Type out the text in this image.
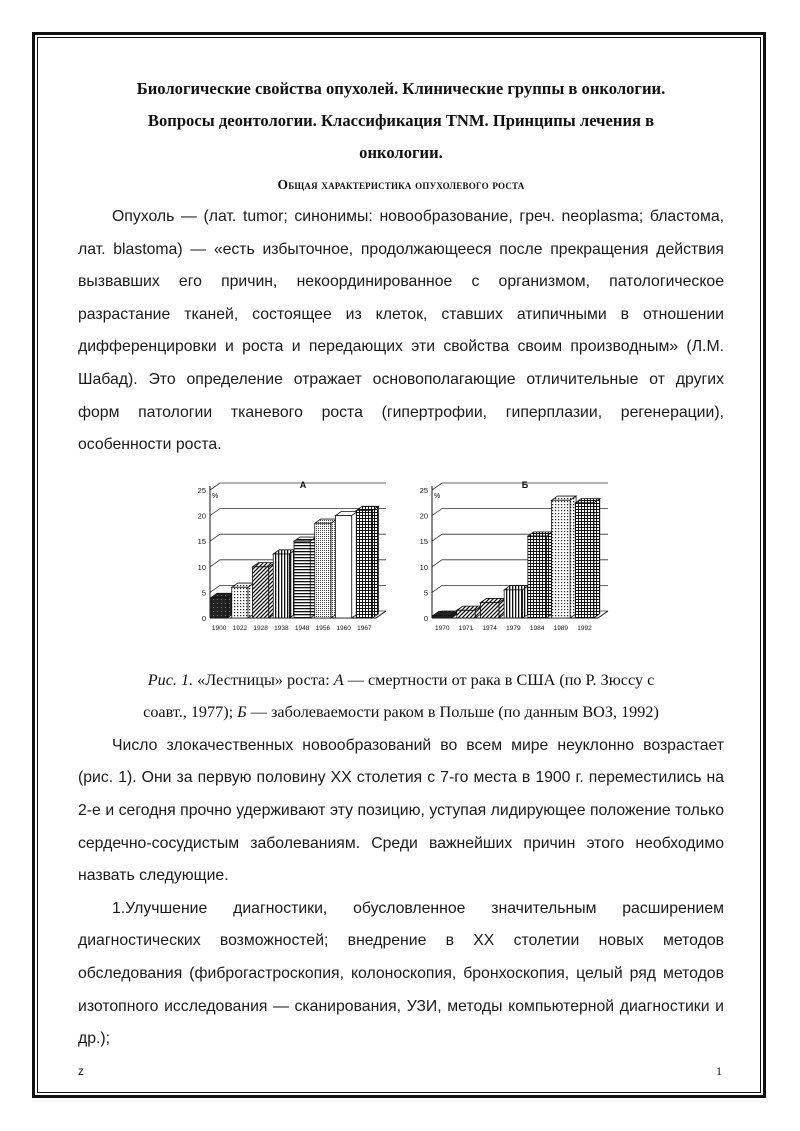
Биологические свойства опухолей. Клинические группы в онкологии.

Вопросы деонтологии. Классификация TNM. Принципы лечения в

онкологии.

Общая характеристика опухолевого роста

Опухоль — (лат. tumor; синонимы: новообразование, греч. neoplasma; бластома, лат. blastoma) — «есть избыточное, продолжающееся после прекращения действия вызвавших его причин, некоординированное с организмом, патологическое разрастание тканей, состоящее из клеток, ставших атипичными в отношении дифференцировки и роста и передающих эти свойства своим производным» (Л.М. Шабад). Это определение отражает основополагающие отличительные от других форм патологии тканевого роста (гипертрофии, гиперплазии, регенерации), особенности роста.

0
5
10
15
20
25
%
А
1900 1922 1928 1938 1948 1956 1960 1967
0
5
10
15
20
25
%
Б
1970 1971 1974 1979 1984 1989 1992
Рис. 1. «Лестницы» роста: А — смертности от рака в США (по Р. Зюссу с
соавт., 1977); Б — заболеваемости раком в Польше (по данным ВОЗ, 1992)

Число злокачественных новообразований во всем мире неуклонно возрастает (рис. 1). Они за первую половину XX столетия с 7-го места в 1900 г. переместились на 2-е и сегодня прочно удерживают эту позицию, уступая лидирующее положение только сердечно-сосудистым заболеваниям. Среди важнейших причин этого необходимо назвать следующие.

1.Улучшение диагностики, обусловленное значительным расширением диагностических возможностей; внедрение в XX столетии новых методов обследования (фиброгастроскопия, колоноскопия, бронхоскопия, целый ряд методов изотопного исследования — сканирования, УЗИ, методы компьютерной диагностики и др.);

z	1
